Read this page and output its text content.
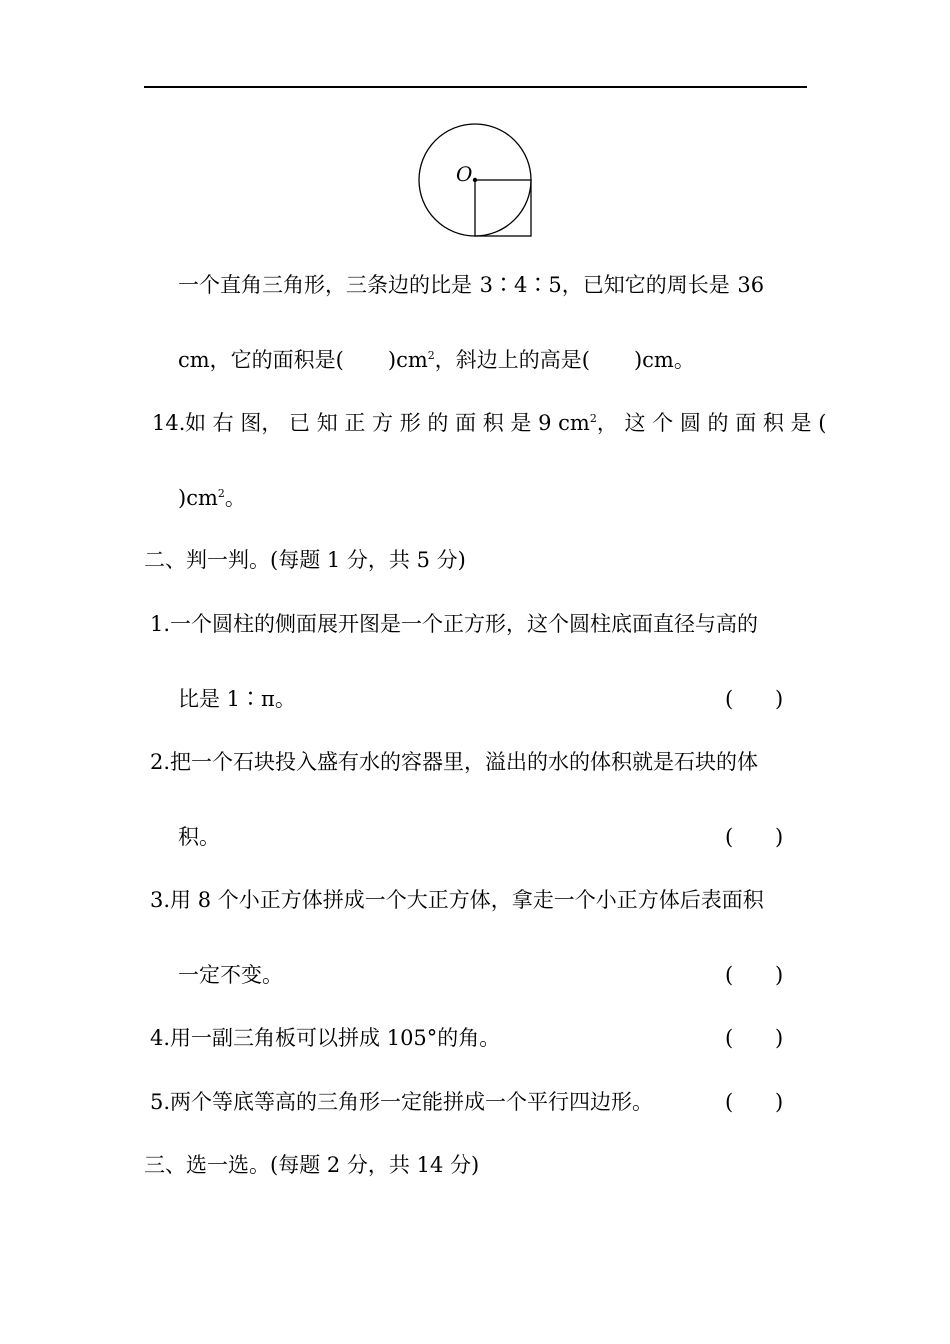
O
一个直角三角形，三条边的比是 3∶4∶5，已知它的周长是 36
cm，它的面积是( )$cm^2$，斜边上的高是( )cm。
14. 如 右 图， 已 知 正 方 形 的 面 积 是 9 $cm^2$， 这 个 圆 的 面 积 是 (
)$cm^2$。
二、判一判。(每题 1 分，共 5 分)
1.一个圆柱的侧面展开图是一个正方形，这个圆柱底面直径与高的
比是 1∶π。	( )
2.把一个石块投入盛有水的容器里，溢出的水的体积就是石块的体
积。	( )
3.用 8 个小正方体拼成一个大正方体，拿走一个小正方体后表面积
一定不变。	( )
4.用一副三角板可以拼成 105°的角。	( )
5.两个等底等高的三角形一定能拼成一个平行四边形。	( )
三、选一选。(每题 2 分，共 14 分)
